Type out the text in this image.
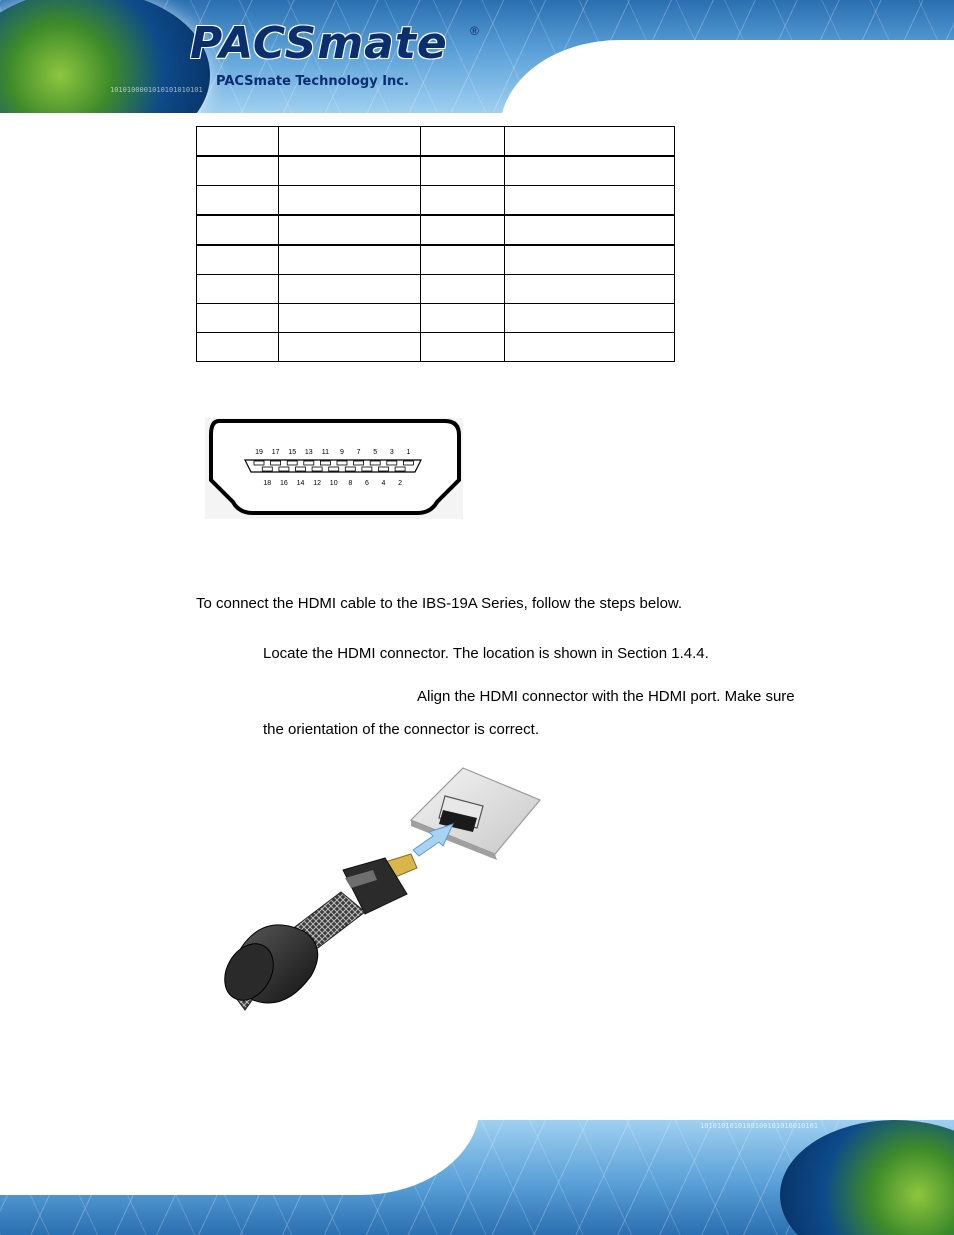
1010100001010101010101
PACSmate ®
PACSmate Technology Inc.

19 17 15 13 11 9 7 5 3 1
18 16 14 12 10 8 6 4 2
To connect the HDMI cable to the IBS-19A Series, follow the steps below.
Locate the HDMI connector. The location is shown in Section 1.4.4.
Align the HDMI connector with the HDMI port. Make sure
the orientation of the connector is correct.
1010101010100100101010010101
